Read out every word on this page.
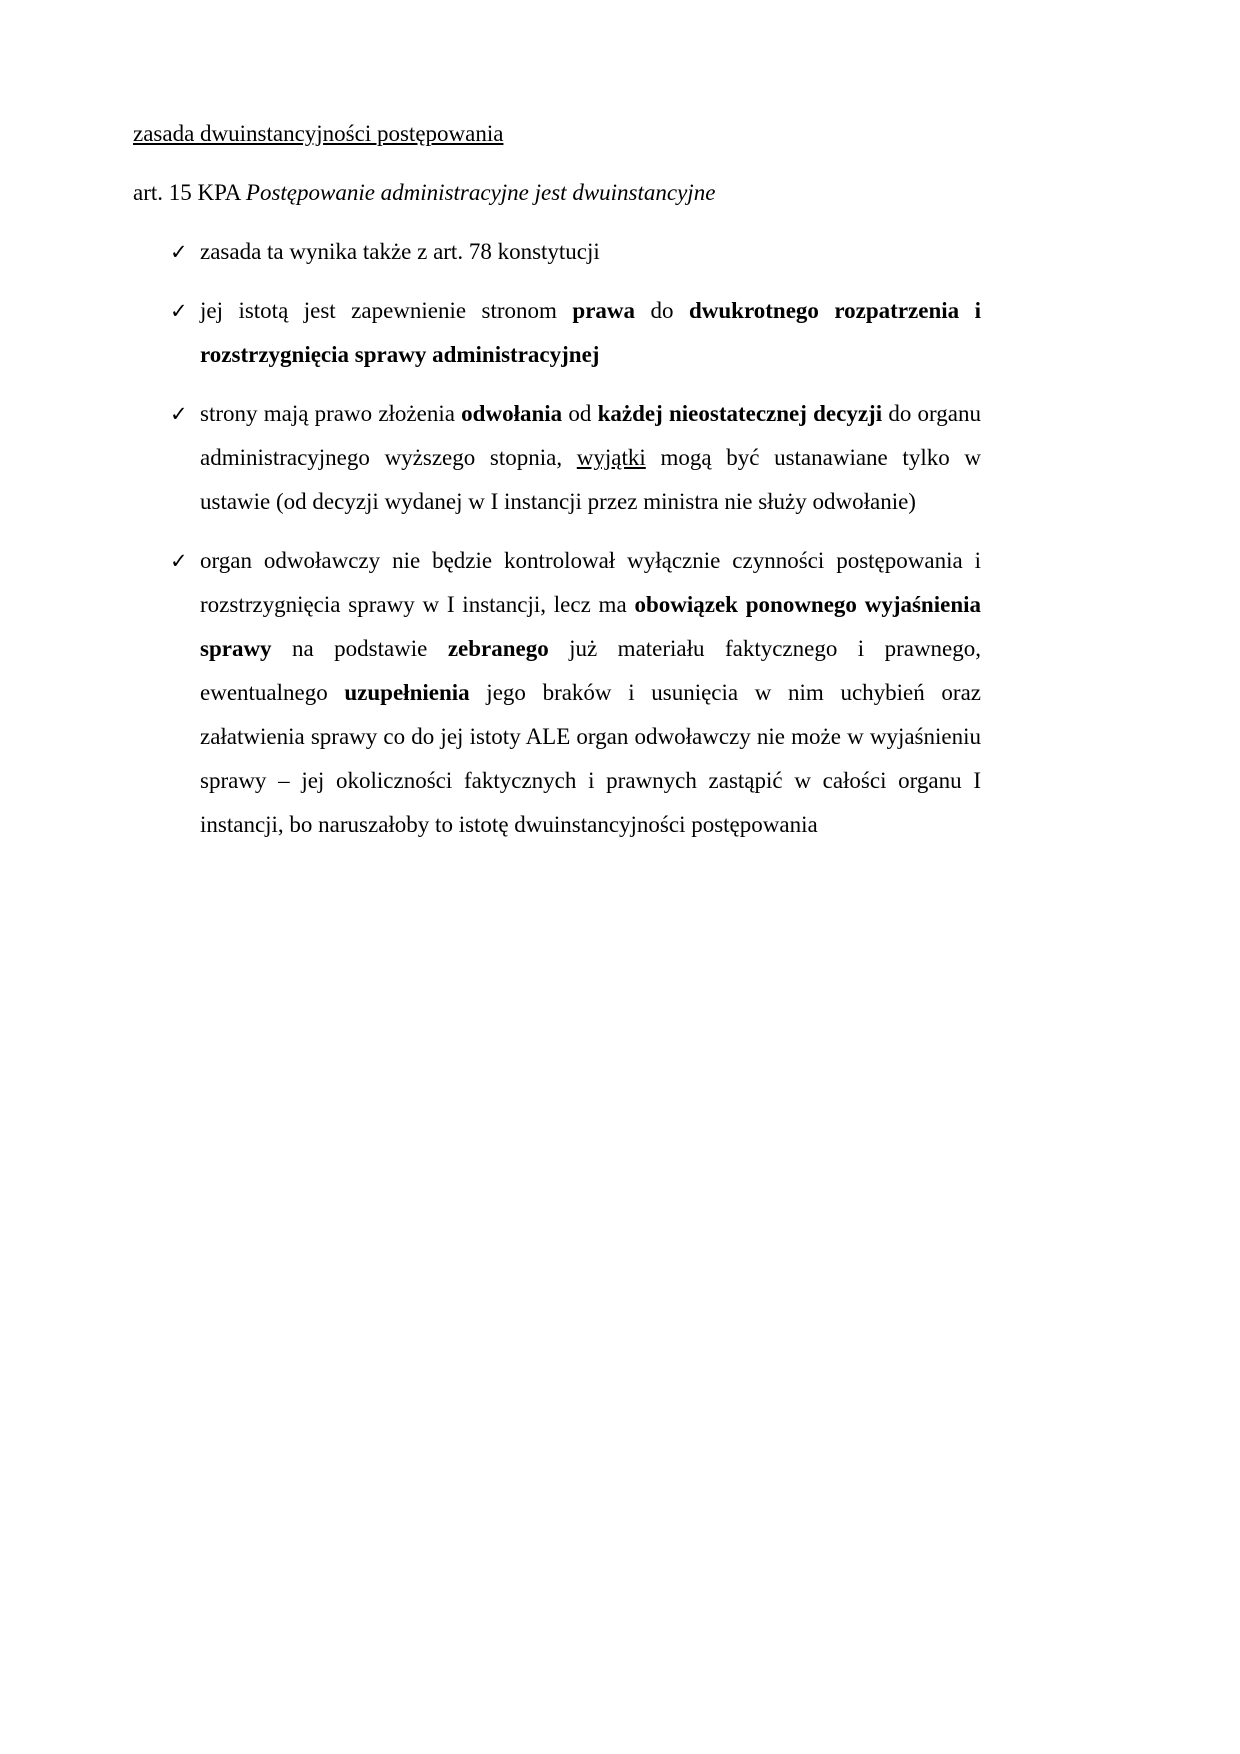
zasada dwuinstancyjności postępowania
art. 15 KPA Postępowanie administracyjne jest dwuinstancyjne
✓ zasada ta wynika także z art. 78 konstytucji
✓ jej istotą jest zapewnienie stronom prawa do dwukrotnego rozpatrzenia i rozstrzygnięcia sprawy administracyjnej
✓ strony mają prawo złożenia odwołania od każdej nieostatecznej decyzji do organu administracyjnego wyższego stopnia, wyjątki mogą być ustanawiane tylko w ustawie (od decyzji wydanej w I instancji przez ministra nie służy odwołanie)
✓ organ odwoławczy nie będzie kontrolował wyłącznie czynności postępowania i rozstrzygnięcia sprawy w I instancji, lecz ma obowiązek ponownego wyjaśnienia sprawy na podstawie zebranego już materiału faktycznego i prawnego, ewentualnego uzupełnienia jego braków i usunięcia w nim uchybień oraz załatwienia sprawy co do jej istoty ALE organ odwoławczy nie może w wyjaśnieniu sprawy – jej okoliczności faktycznych i prawnych zastąpić w całości organu I instancji, bo naruszałoby to istotę dwuinstancyjności postępowania
